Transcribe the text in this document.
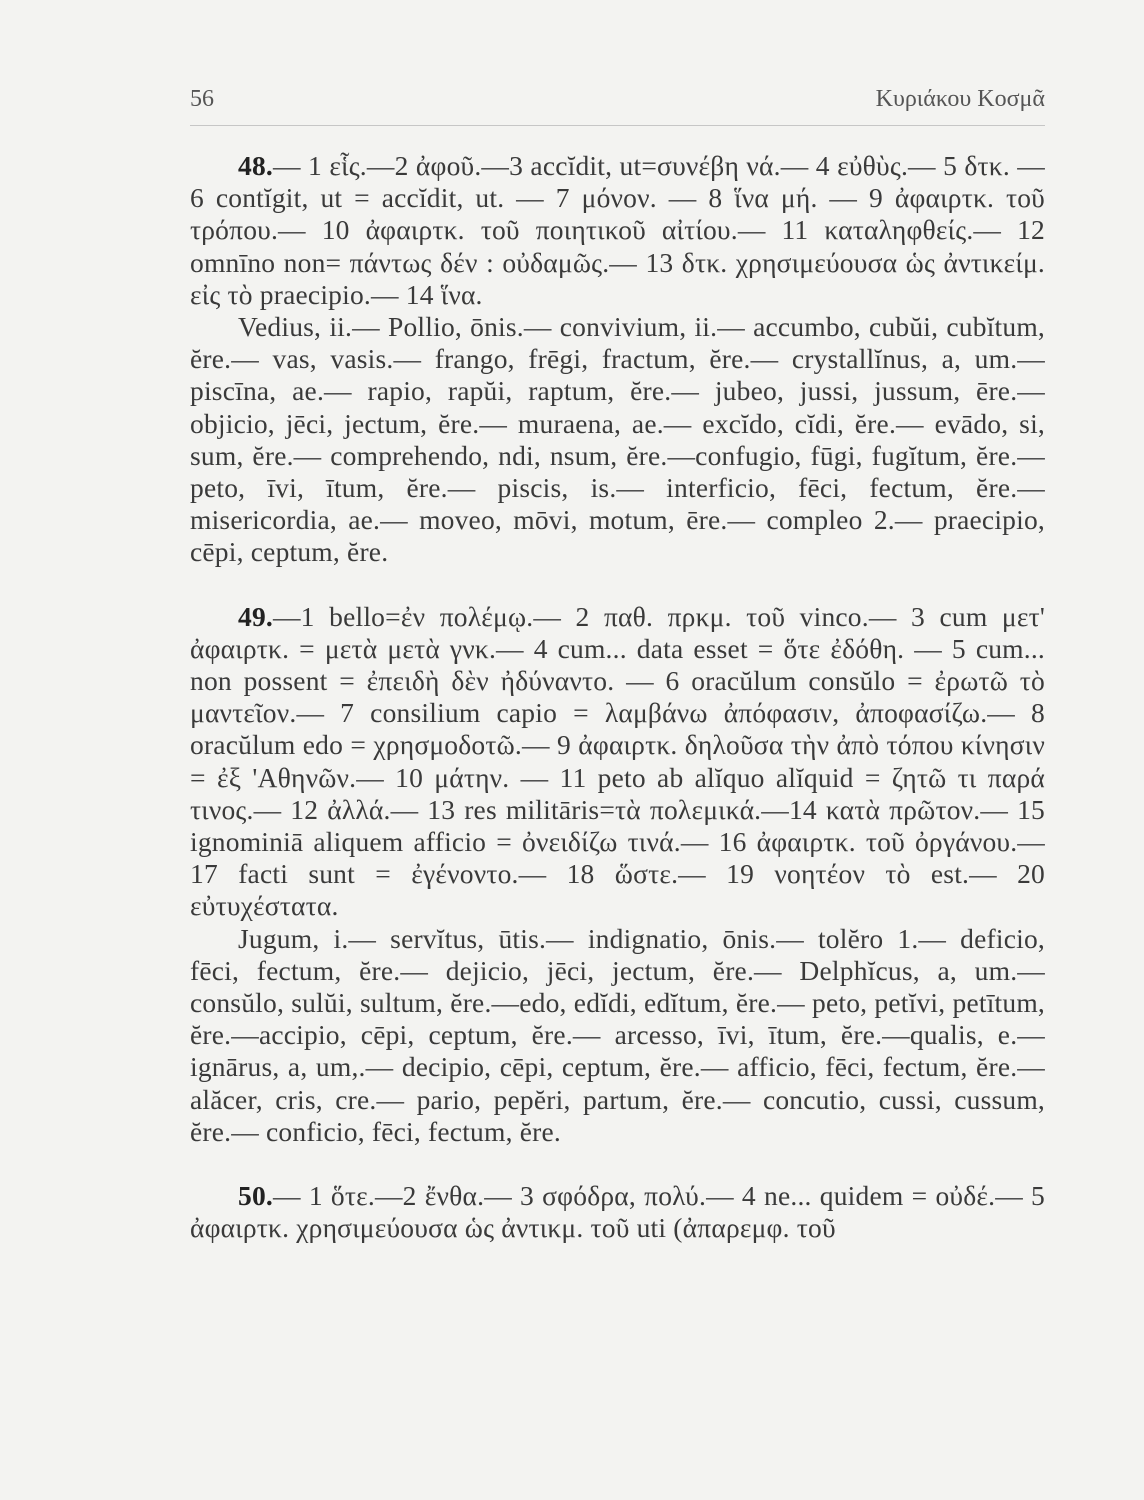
56	Κυριάκου Κοσμᾶ

48.— 1 εἷς.—2 ἀφοῦ.—3 accĭdit, ut=συνέβη νά.— 4 εὐθὺς.— 5 δτκ. — 6 contĭgit, ut = accĭdit, ut. — 7 μόνον. — 8 ἵνα μή. — 9 ἀφαιρτκ. τοῦ τρόπου.— 10 ἀφαιρτκ. τοῦ ποιητικοῦ αἰτίου.— 11 καταληφθείς.— 12 omnīno non= πάντως δέν : οὐδαμῶς.— 13 δτκ. χρησιμεύουσα ὡς ἀντικείμ. εἰς τὸ praecipio.— 14 ἵνα.

Vedius, ii.— Pollio, ōnis.— convivium, ii.— accumbo, cubŭi, cubĭtum, ĕre.— vas, vasis.— frango, frēgi, fractum, ĕre.— crystallĭnus, a, um.— piscīna, ae.— rapio, rapŭi, raptum, ĕre.— jubeo, jussi, jussum, ēre.— objicio, jēci, jectum, ĕre.— muraena, ae.— excĭdo, cĭdi, ĕre.— evādo, si, sum, ĕre.— comprehendo, ndi, nsum, ĕre.—confugio, fūgi, fugĭtum, ĕre.— peto, īvi, ītum, ĕre.— piscis, is.— interficio, fēci, fectum, ĕre.— misericordia, ae.— moveo, mōvi, motum, ēre.— compleo 2.— praecipio, cēpi, ceptum, ĕre.

49.—1 bello=ἐν πολέμῳ.— 2 παθ. πρκμ. τοῦ vinco.— 3 cum μετ' ἀφαιρτκ. = μετὰ μετὰ γνκ.— 4 cum... data esset = ὅτε ἐδόθη. — 5 cum... non possent = ἐπειδὴ δὲν ἠδύναντο. — 6 oracŭlum consŭlo = ἐρωτῶ τὸ μαντεῖον.— 7 consilium capio = λαμβάνω ἀπόφασιν, ἀποφασίζω.— 8 oracŭlum edo = χρησμοδοτῶ.— 9 ἀφαιρτκ. δηλοῦσα τὴν ἀπὸ τόπου κίνησιν = ἐξ 'Αθηνῶν.— 10 μάτην. — 11 peto ab alĭquo alĭquid = ζητῶ τι παρά τινος.— 12 ἀλλά.— 13 res militāris=τὰ πολεμικά.—14 κατὰ πρῶτον.— 15 ignominiā aliquem afficio = ὀνειδίζω τινά.— 16 ἀφαιρτκ. τοῦ ὀργάνου.— 17 facti sunt = ἐγένοντο.— 18 ὥστε.— 19 νοητέον τὸ est.— 20 εὐτυχέστατα.

Jugum, i.— servĭtus, ūtis.— indignatio, ōnis.— tolĕro 1.— deficio, fēci, fectum, ĕre.— dejicio, jēci, jectum, ĕre.— Delphĭcus, a, um.— consŭlo, sulŭi, sultum, ĕre.—edo, edĭdi, edĭtum, ĕre.— peto, petĭvi, petītum, ĕre.—accipio, cēpi, ceptum, ĕre.— arcesso, īvi, ītum, ĕre.—qualis, e.— ignārus, a, um,.— decipio, cēpi, ceptum, ĕre.— afficio, fēci, fectum, ĕre.— alăcer, cris, cre.— pario, pepĕri, partum, ĕre.— concutio, cussi, cussum, ĕre.— conficio, fēci, fectum, ĕre.

50.— 1 ὅτε.—2 ἔνθα.— 3 σφόδρα, πολύ.— 4 ne... quidem = οὐδέ.— 5 ἀφαιρτκ. χρησιμεύουσα ὡς ἀντικμ. τοῦ uti (ἀπαρεμφ. τοῦ
